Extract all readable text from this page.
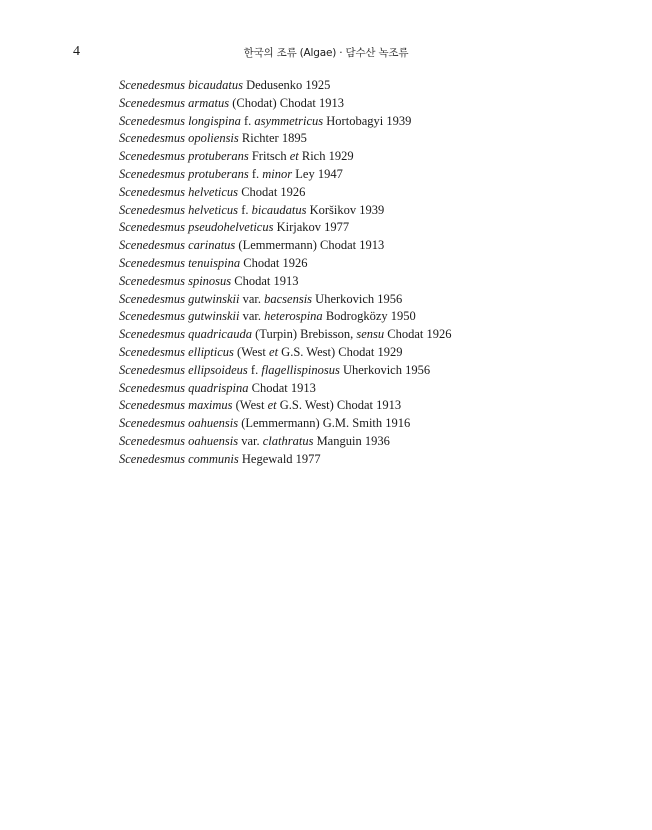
4	한국의 조류 (Algae) · 담수산 녹조류
Scenedesmus bicaudatus Dedusenko 1925
Scenedesmus armatus (Chodat) Chodat 1913
Scenedesmus longispina f. asymmetricus Hortobagyi 1939
Scenedesmus opoliensis Richter 1895
Scenedesmus protuberans Fritsch et Rich 1929
Scenedesmus protuberans f. minor Ley 1947
Scenedesmus helveticus Chodat 1926
Scenedesmus helveticus f. bicaudatus Koršikov 1939
Scenedesmus pseudohelveticus Kirjakov 1977
Scenedesmus carinatus (Lemmermann) Chodat 1913
Scenedesmus tenuispina Chodat 1926
Scenedesmus spinosus Chodat 1913
Scenedesmus gutwinskii var. bacsensis Uherkovich 1956
Scenedesmus gutwinskii var. heterospina Bodrogközy 1950
Scenedesmus quadricauda (Turpin) Brebisson, sensu Chodat 1926
Scenedesmus ellipticus (West et G.S. West) Chodat 1929
Scenedesmus ellipsoideus f. flagellispinosus Uherkovich 1956
Scenedesmus quadrispina Chodat 1913
Scenedesmus maximus (West et G.S. West) Chodat 1913
Scenedesmus oahuensis (Lemmermann) G.M. Smith 1916
Scenedesmus oahuensis var. clathratus Manguin 1936
Scenedesmus communis Hegewald 1977
